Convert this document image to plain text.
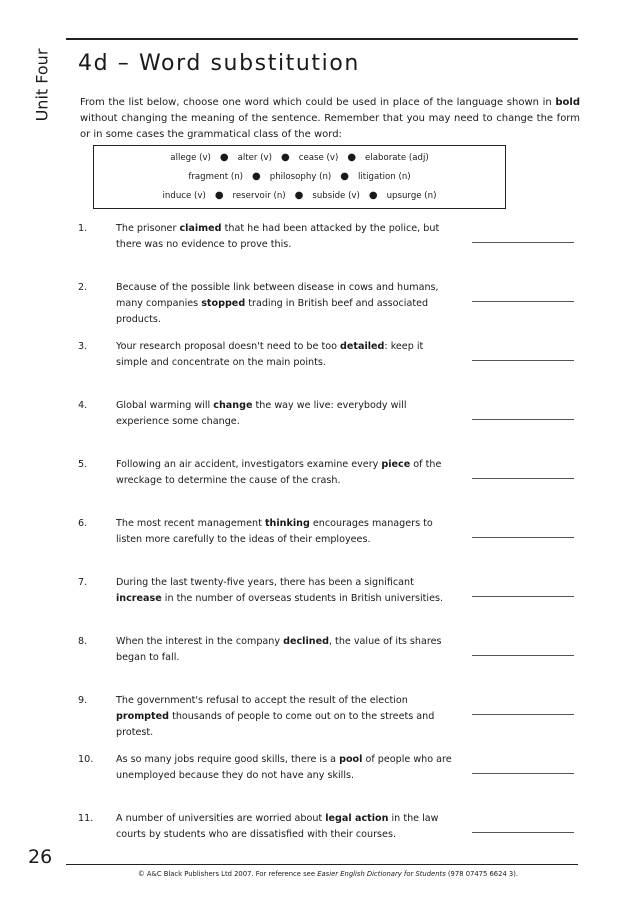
Unit Four
26
4d – Word substitution
From the list below, choose one word which could be used in place of the language shown in bold without changing the meaning of the sentence. Remember that you may need to change the form or in some cases the grammatical class of the word:
allege (v) ● alter (v) ● cease (v) ● elaborate (adj)
fragment (n) ● philosophy (n) ● litigation (n)
induce (v) ● reservoir (n) ● subside (v) ● upsurge (n)
1.	The prisoner claimed that he had been attacked by the police, but there was no evidence to prove this.
2.	Because of the possible link between disease in cows and humans, many companies stopped trading in British beef and associated products.
3.	Your research proposal doesn't need to be too detailed: keep it simple and concentrate on the main points.
4.	Global warming will change the way we live: everybody will experience some change.
5.	Following an air accident, investigators examine every piece of the wreckage to determine the cause of the crash.
6.	The most recent management thinking encourages managers to listen more carefully to the ideas of their employees.
7.	During the last twenty-five years, there has been a significant increase in the number of overseas students in British universities.
8.	When the interest in the company declined, the value of its shares began to fall.
9.	The government's refusal to accept the result of the election prompted thousands of people to come out on to the streets and protest.
10. As so many jobs require good skills, there is a pool of people who are unemployed because they do not have any skills.
11. A number of universities are worried about legal action in the law courts by students who are dissatisfied with their courses.
© A&C Black Publishers Ltd 2007. For reference see Easier English Dictionary for Students (978 07475 6624 3).
